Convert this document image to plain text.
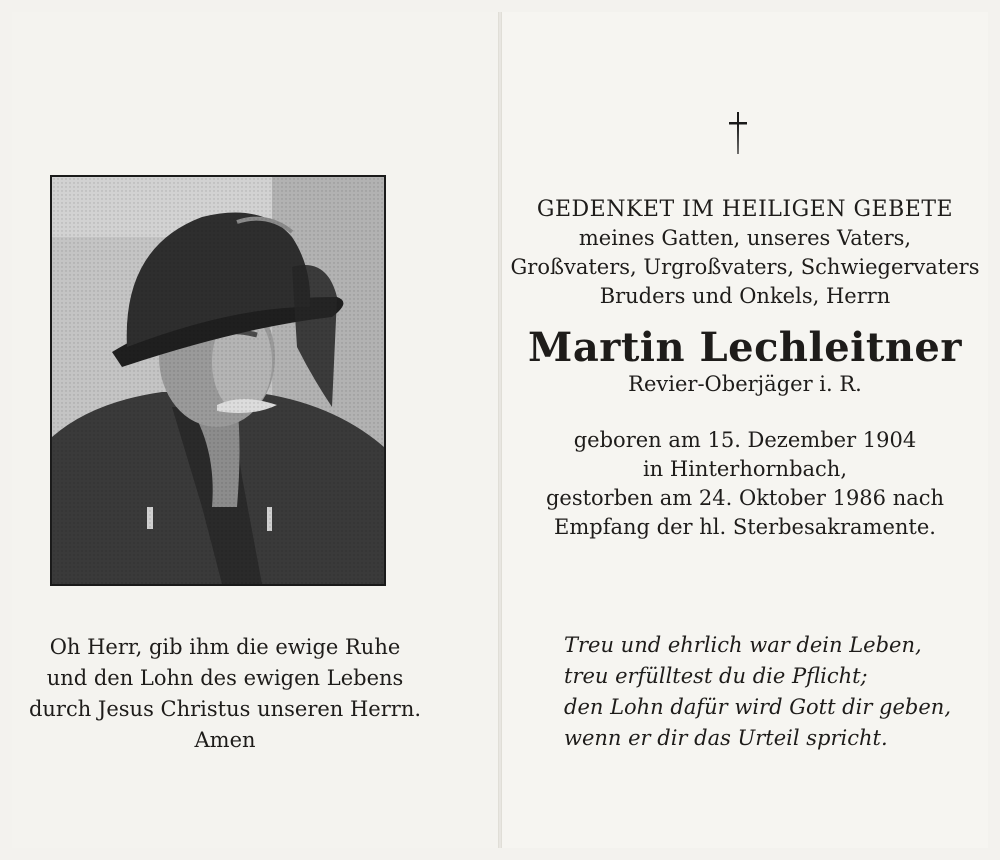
Oh Herr, gib ihm die ewige Ruhe
und den Lohn des ewigen Lebens
durch Jesus Christus unseren Herrn.
Amen
GEDENKET IM HEILIGEN GEBETE
meines Gatten, unseres Vaters,
Großvaters, Urgroßvaters, Schwiegervaters
Bruders und Onkels, Herrn
Martin Lechleitner
Revier-Oberjäger i. R.
geboren am 15. Dezember 1904
in Hinterhornbach,
gestorben am 24. Oktober 1986 nach
Empfang der hl. Sterbesakramente.
Treu und ehrlich war dein Leben,
treu erfülltest du die Pflicht;
den Lohn dafür wird Gott dir geben,
wenn er dir das Urteil spricht.
